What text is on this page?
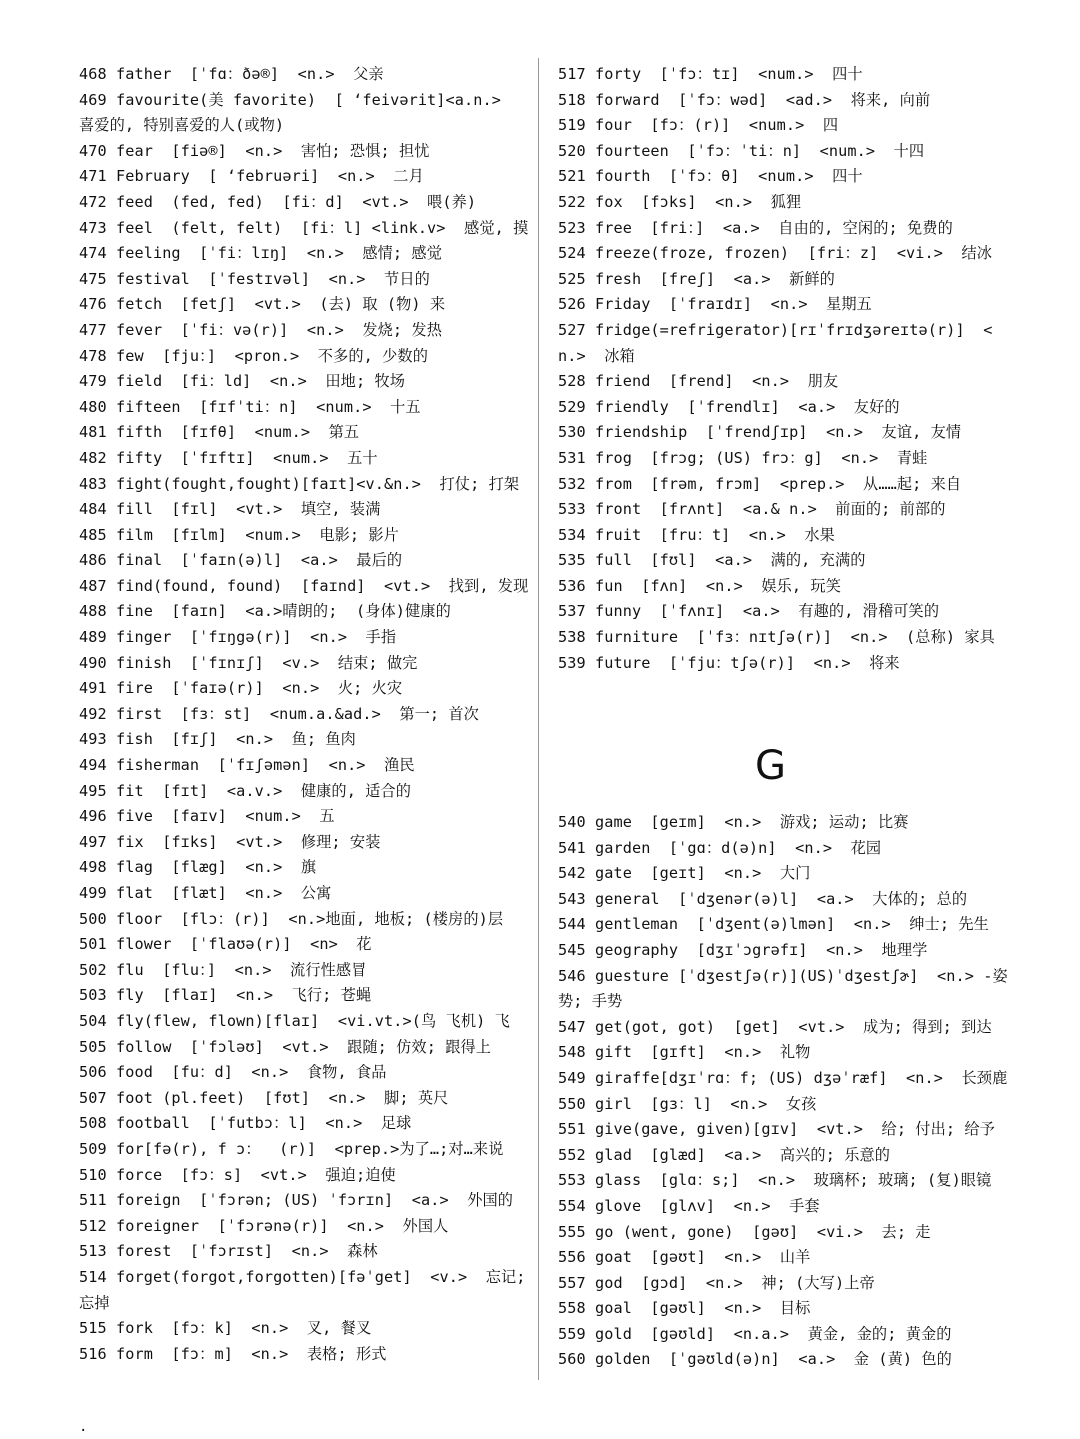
468 father  [ˈfɑ：ðə®]  <n.>  父亲
469 favourite(美 favorite)  [ ‘feivərit]<a.n.>  喜爱的, 特别喜爱的人(或物)
470 fear  [fiə®]  <n.>  害怕; 恐惧; 担忧
471 February  [ ‘februəri]  <n.>  二月
472 feed  (fed, fed)  [fi：d]  <vt.>  喂(养)
473 feel  (felt, felt)  [fi：l] <link.v>  感觉, 摸
474 feeling  [ˈfi：lɪŋ]  <n.>  感情; 感觉
475 festival  [ˈfestɪvəl]  <n.>  节日的
476 fetch  [fetʃ]  <vt.>  (去) 取 (物) 来
477 fever  [ˈfi：və(r)]  <n.>  发烧; 发热
478 few  [fju：]  <pron.>  不多的, 少数的
479 field  [fi：ld]  <n.>  田地; 牧场
480 fifteen  [fɪfˈti：n]  <num.>  十五
481 fifth  [fɪfθ]  <num.>  第五
482 fifty  [ˈfɪftɪ]  <num.>  五十
483 fight(fought,fought)[faɪt]<v.&n.>  打仗; 打架
484 fill  [fɪl]  <vt.>  填空, 装满
485 film  [fɪlm]  <num.>  电影; 影片
486 final  [ˈfaɪn(ə)l]  <a.>  最后的
487 find(found, found)  [faɪnd]  <vt.>  找到, 发现
488 fine  [faɪn]  <a.>晴朗的;  (身体)健康的
489 finger  [ˈfɪŋgə(r)]  <n.>  手指
490 finish  [ˈfɪnɪʃ]  <v.>  结束; 做完
491 fire  [ˈfaɪə(r)]  <n.>  火; 火灾
492 first  [fɜ：st]  <num.a.&ad.>  第一; 首次
493 fish  [fɪʃ]  <n.>  鱼; 鱼肉
494 fisherman  [ˈfɪʃəmən]  <n.>  渔民
495 fit  [fɪt]  <a.v.>  健康的, 适合的
496 five  [faɪv]  <num.>  五
497 fix  [fɪks]  <vt.>  修理; 安装
498 flag  [flæg]  <n.>  旗
499 flat  [flæt]  <n.>  公寓
500 floor  [flɔ：(r)]  <n.>地面, 地板; (楼房的)层
501 flower  [ˈflaʊə(r)]  <n>  花
502 flu  [flu：]  <n.>  流行性感冒
503 fly  [flaɪ]  <n.>  飞行; 苍蝇
504 fly(flew, flown)[flaɪ]  <vi.vt.>(鸟 飞机) 飞
505 follow  [ˈfɔləʊ]  <vt.>  跟随; 仿效; 跟得上
506 food  [fu：d]  <n.>  食物, 食品
507 foot (pl.feet)  [fʊt]  <n.>  脚; 英尺
508 football  [ˈfutbɔ：l]  <n.>  足球
509 for[fə(r), f ɔ：  (r)]  <prep.>为了…;对…来说
510 force  [fɔ：s]  <vt.>  强迫;迫使
511 foreign  [ˈfɔrən; (US) ˈfɔrɪn]  <a.>  外国的
512 foreigner  [ˈfɔrənə(r)]  <n.>  外国人
513 forest  [ˈfɔrɪst]  <n.>  森林
514 forget(forgot,forgotten)[fəˈget]  <v.>  忘记; 忘掉
515 fork  [fɔ：k]  <n.>  叉, 餐叉
516 form  [fɔ：m]  <n.>  表格; 形式
517 forty  [ˈfɔ：tɪ]  <num.>  四十
518 forward  [ˈfɔ：wəd]  <ad.>  将来, 向前
519 four  [fɔ：(r)]  <num.>  四
520 fourteen  [ˈfɔ：ˈti：n]  <num.>  十四
521 fourth  [ˈfɔ：θ]  <num.>  四十
522 fox  [fɔks]  <n.>  狐狸
523 free  [fri：]  <a.>  自由的, 空闲的; 免费的
524 freeze(froze, frozen)  [fri：z]  <vi.>  结冰
525 fresh  [freʃ]  <a.>  新鲜的
526 Friday  [ˈfraɪdɪ]  <n.>  星期五
527 fridge(=refrigerator)[rɪˈfrɪdʒəreɪtə(r)]  <n.>  冰箱
528 friend  [frend]  <n.>  朋友
529 friendly  [ˈfrendlɪ]  <a.>  友好的
530 friendship  [ˈfrendʃɪp]  <n.>  友谊, 友情
531 frog  [frɔg; (US) frɔ：g]  <n.>  青蛙
532 from  [frəm, frɔm]  <prep.>  从……起; 来自
533 front  [frʌnt]  <a.& n.>  前面的; 前部的
534 fruit  [fru：t]  <n.>  水果
535 full  [fʊl]  <a.>  满的, 充满的
536 fun  [fʌn]  <n.>  娱乐, 玩笑
537 funny  [ˈfʌnɪ]  <a.>  有趣的, 滑稽可笑的
538 furniture  [ˈfɜ：nɪtʃə(r)]  <n.>  (总称) 家具
539 future  [ˈfju：tʃə(r)]  <n.>  将来
G
540 game  [geɪm]  <n.>  游戏; 运动; 比赛
541 garden  [ˈgɑ：d(ə)n]  <n.>  花园
542 gate  [geɪt]  <n.>  大门
543 general  [ˈdʒenər(ə)l]  <a.>  大体的; 总的
544 gentleman  [ˈdʒent(ə)lmən]  <n.>  绅士; 先生
545 geography  [dʒɪˈɔgrəfɪ]  <n.>  地理学
546 guesture [ˈdʒestʃə(r)](US)ˈdʒestʃɚ]  <n.> -姿势; 手势
547 get(got, got)  [get]  <vt.>  成为; 得到; 到达
548 gift  [gɪft]  <n.>  礼物
549 giraffe[dʒɪˈrɑ：f; (US) dʒəˈræf]  <n.>  长颈鹿
550 girl  [gɜ：l]  <n.>  女孩
551 give(gave, given)[gɪv]  <vt.>  给; 付出; 给予
552 glad  [glæd]  <a.>  高兴的; 乐意的
553 glass  [glɑ：s;]  <n.>  玻璃杯; 玻璃; (复)眼镜
554 glove  [glʌv]  <n.>  手套
555 go (went, gone)  [gəʊ]  <vi.>  去; 走
556 goat  [gəʊt]  <n.>  山羊
557 god  [gɔd]  <n.>  神; (大写)上帝
558 goal  [gəʊl]  <n.>  目标
559 gold  [gəʊld]  <n.a.>  黄金, 金的; 黄金的
560 golden  [ˈgəʊld(ə)n]  <a.>  金 (黄) 色的
.
